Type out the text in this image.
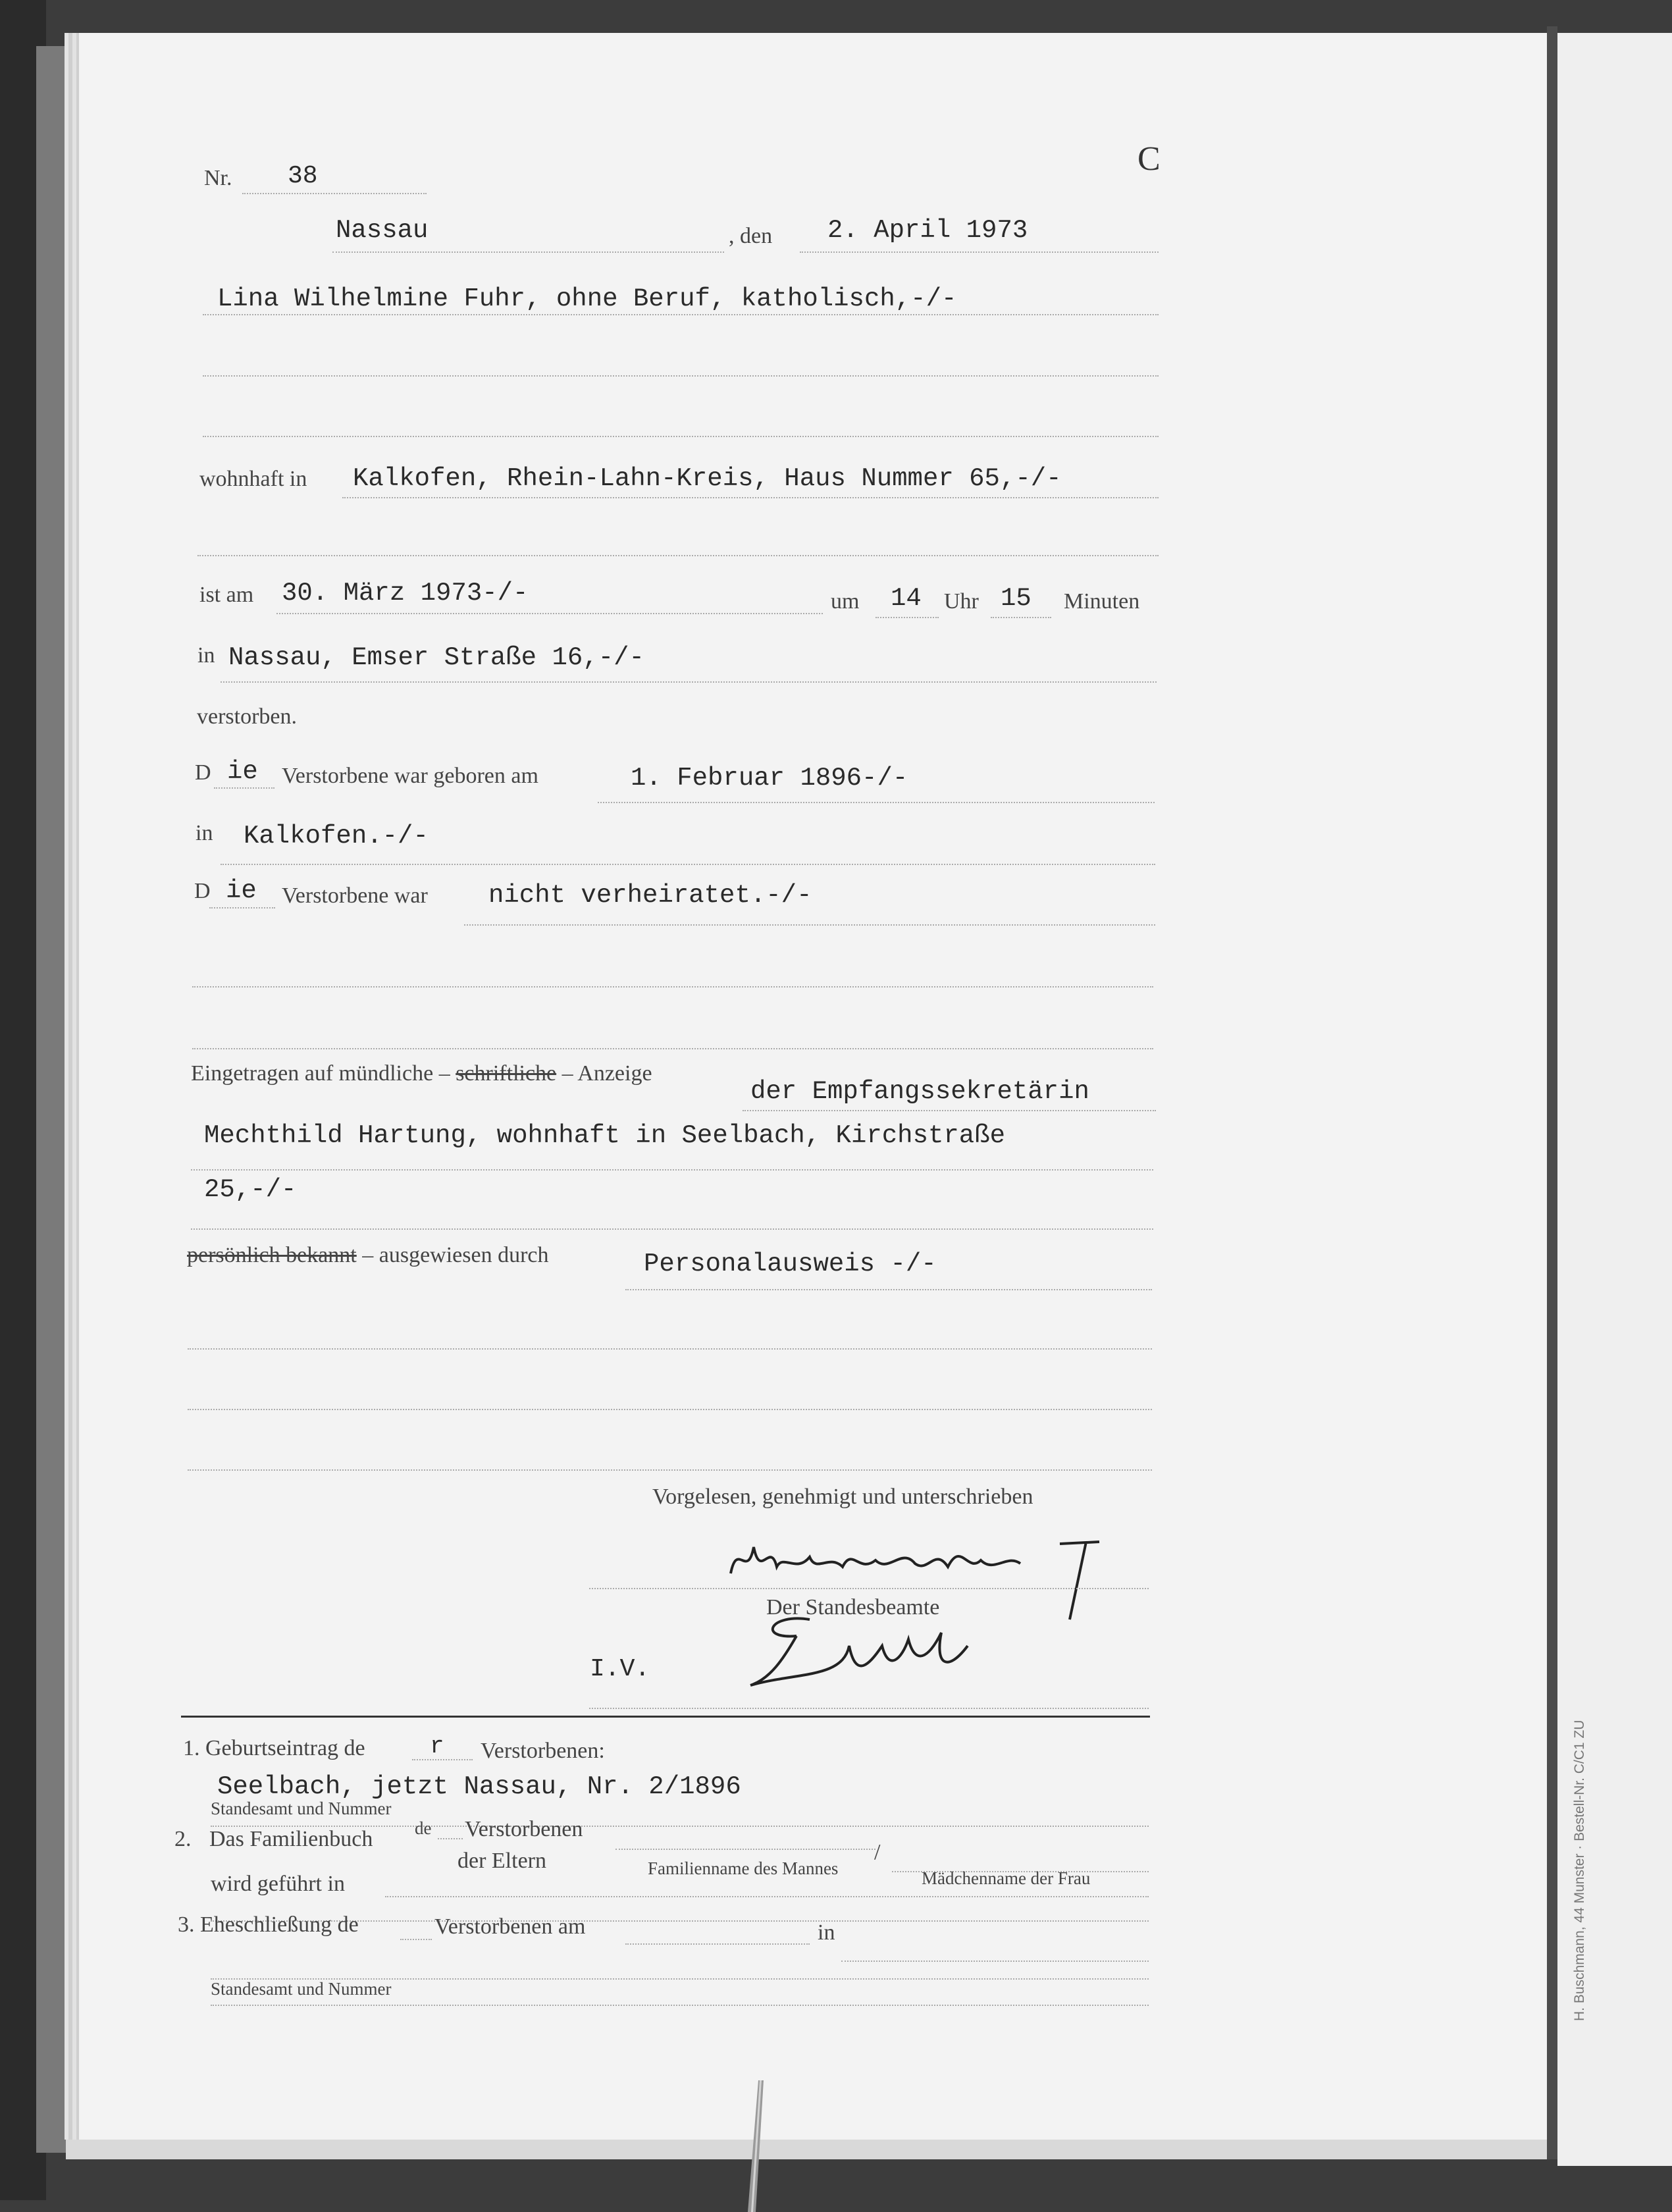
H. Buschmann, 44 Munster · Bestell-Nr. C/C1 ZU
Nr. 38	C
Nassau	, den 2. April 1973
Lina Wilhelmine Fuhr, ohne Beruf, katholisch,-/-
wohnhaft in Kalkofen, Rhein-Lahn-Kreis, Haus Nummer 65,-/-
ist am 30. März 1973-/-	um 14 Uhr 15 Minuten
in Nassau, Emser Straße 16,-/-
verstorben.
D ie Verstorbene war geboren am	1. Februar 1896-/-
in Kalkofen.-/-
D ie Verstorbene war nicht verheiratet.-/-
Eingetragen auf mündliche – schriftliche – Anzeige
der Empfangssekretärin
Mechthild Hartung, wohnhaft in Seelbach, Kirchstraße
25,-/-
persönlich bekannt – ausgewiesen durch	Personalausweis -/-
Vorgelesen, genehmigt und unterschrieben
Der Standesbeamte
I.V.
1. Geburtseintrag de	r Verstorbenen:
Seelbach, jetzt Nassau, Nr. 2/1896
Standesamt und Nummer
2. Das Familienbuch de Verstorbenen
der Eltern	/
Familienname des Mannes	Mädchenname der Frau
wird geführt in
3. Eheschließung de	Verstorbenen am	in
Standesamt und Nummer
